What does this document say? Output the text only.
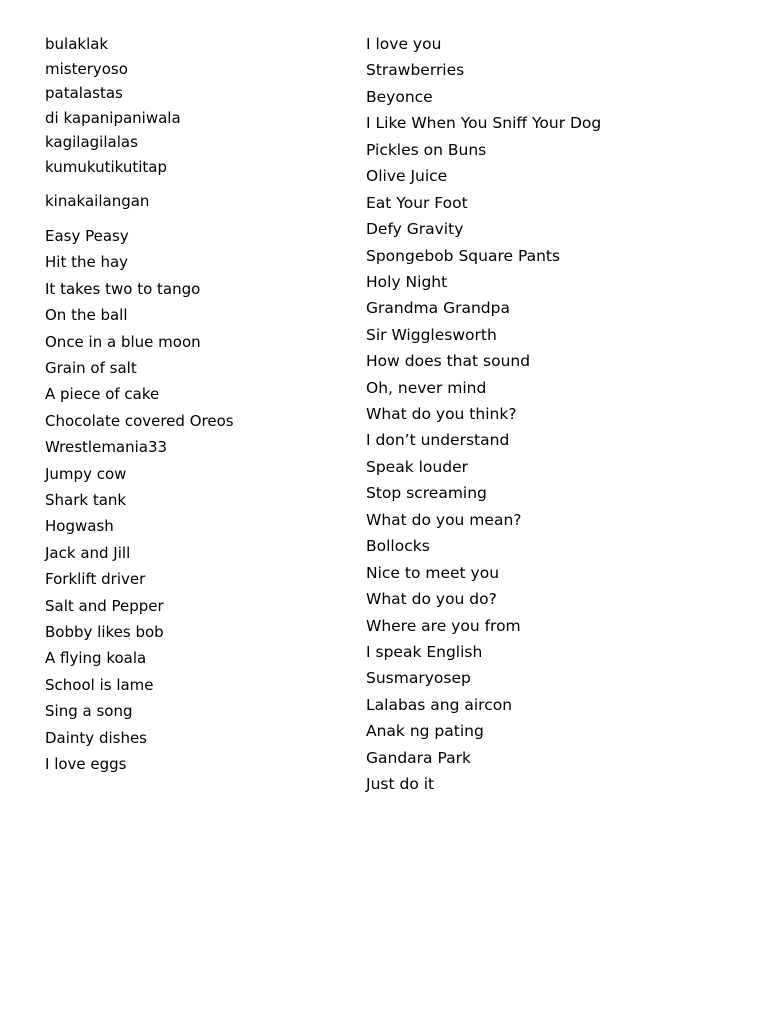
bulaklak
misteryoso
patalastas
di kapanipaniwala
kagilagilalas
kumukutikutitap
kinakailangan
Easy Peasy
Hit the hay
It takes two to tango
On the ball
Once in a blue moon
Grain of salt
A piece of cake
Chocolate covered Oreos
Wrestlemania33
Jumpy cow
Shark tank
Hogwash
Jack and Jill
Forklift driver
Salt and Pepper
Bobby likes bob
A flying koala
School is lame
Sing a song
Dainty dishes
I love eggs
I love you
Strawberries
Beyonce
I Like When You Sniff Your Dog
Pickles on Buns
Olive Juice
Eat Your Foot
Defy Gravity
Spongebob Square Pants
Holy Night
Grandma Grandpa
Sir Wigglesworth
How does that sound
Oh, never mind
What do you think?
I don’t understand
Speak louder
Stop screaming
What do you mean?
Bollocks
Nice to meet you
What do you do?
Where are you from
I speak English
Susmaryosep
Lalabas ang aircon
Anak ng pating
Gandara Park
Just do it
